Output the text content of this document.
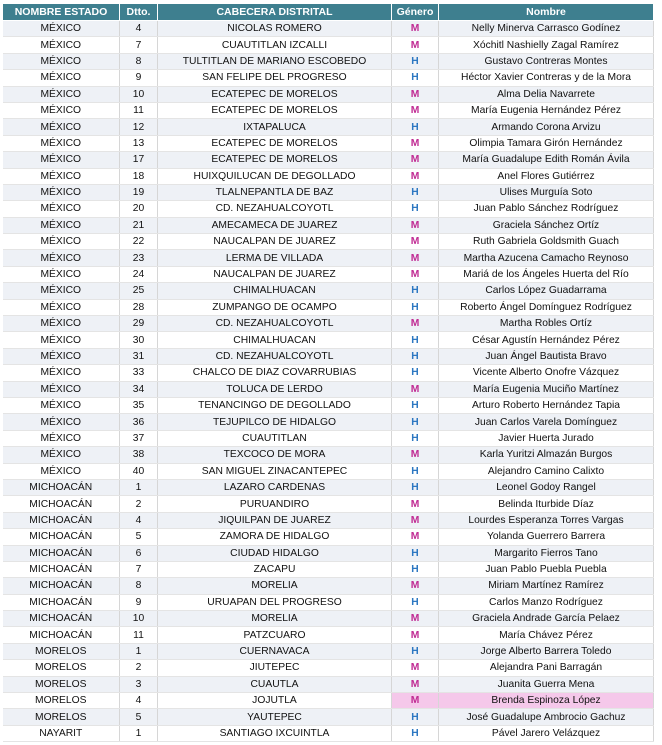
NOMBRE ESTADO	Dtto.	CABECERA DISTRITAL	Género	Nombre
MÉXICO	4	NICOLAS ROMERO	M	Nelly Minerva Carrasco Godínez
MÉXICO	7	CUAUTITLAN IZCALLI	M	Xóchitl Nashielly Zagal Ramírez
MÉXICO	8	TULTITLAN DE MARIANO ESCOBEDO	H	Gustavo Contreras Montes
MÉXICO	9	SAN FELIPE DEL PROGRESO	H	Héctor Xavier Contreras y de la Mora
MÉXICO	10	ECATEPEC DE MORELOS	M	Alma Delia Navarrete
MÉXICO	11	ECATEPEC DE MORELOS	M	María Eugenia Hernández Pérez
MÉXICO	12	IXTAPALUCA	H	Armando Corona Arvizu
MÉXICO	13	ECATEPEC DE MORELOS	M	Olimpia Tamara Girón Hernández
MÉXICO	17	ECATEPEC DE MORELOS	M	María Guadalupe Edith Román Ávila
MÉXICO	18	HUIXQUILUCAN DE DEGOLLADO	M	Anel Flores Gutiérrez
MÉXICO	19	TLALNEPANTLA DE BAZ	H	Ulises Murguía Soto
MÉXICO	20	CD. NEZAHUALCOYOTL	H	Juan Pablo Sánchez Rodríguez
MÉXICO	21	AMECAMECA DE JUAREZ	M	Graciela Sánchez Ortíz
MÉXICO	22	NAUCALPAN DE JUAREZ	M	Ruth Gabriela Goldsmith Guach
MÉXICO	23	LERMA DE VILLADA	M	Martha Azucena Camacho Reynoso
MÉXICO	24	NAUCALPAN DE JUAREZ	M	Mariá de los Ángeles Huerta del Río
MÉXICO	25	CHIMALHUACAN	H	Carlos López Guadarrama
MÉXICO	28	ZUMPANGO DE OCAMPO	H	Roberto Ángel Domínguez Rodríguez
MÉXICO	29	CD. NEZAHUALCOYOTL	M	Martha Robles Ortíz
MÉXICO	30	CHIMALHUACAN	H	César Agustín Hernández Pérez
MÉXICO	31	CD. NEZAHUALCOYOTL	H	Juan Ángel Bautista Bravo
MÉXICO	33	CHALCO DE DIAZ COVARRUBIAS	H	Vicente Alberto Onofre Vázquez
MÉXICO	34	TOLUCA DE LERDO	M	María Eugenia Muciño Martínez
MÉXICO	35	TENANCINGO DE DEGOLLADO	H	Arturo Roberto Hernández Tapia
MÉXICO	36	TEJUPILCO DE HIDALGO	H	Juan Carlos Varela Domínguez
MÉXICO	37	CUAUTITLAN	H	Javier Huerta Jurado
MÉXICO	38	TEXCOCO DE MORA	M	Karla Yuritzi Almazán Burgos
MÉXICO	40	SAN MIGUEL ZINACANTEPEC	H	Alejandro Camino Calixto
MICHOACÁN	1	LAZARO CARDENAS	H	Leonel Godoy Rangel
MICHOACÁN	2	PURUANDIRO	M	Belinda Iturbide Díaz
MICHOACÁN	4	JIQUILPAN DE JUAREZ	M	Lourdes Esperanza Torres Vargas
MICHOACÁN	5	ZAMORA DE HIDALGO	M	Yolanda Guerrero Barrera
MICHOACÁN	6	CIUDAD HIDALGO	H	Margarito Fierros Tano
MICHOACÁN	7	ZACAPU	H	Juan Pablo Puebla Puebla
MICHOACÁN	8	MORELIA	M	Miriam Martínez Ramírez
MICHOACÁN	9	URUAPAN DEL PROGRESO	H	Carlos Manzo Rodríguez
MICHOACÁN	10	MORELIA	M	Graciela Andrade García Pelaez
MICHOACÁN	11	PATZCUARO	M	María Chávez Pérez
MORELOS	1	CUERNAVACA	H	Jorge Alberto Barrera Toledo
MORELOS	2	JIUTEPEC	M	Alejandra Pani Barragán
MORELOS	3	CUAUTLA	M	Juanita Guerra Mena
MORELOS	4	JOJUTLA	M	Brenda Espinoza López
MORELOS	5	YAUTEPEC	H	José Guadalupe Ambrocio Gachuz
NAYARIT	1	SANTIAGO IXCUINTLA	H	Pável Jarero Velázquez
